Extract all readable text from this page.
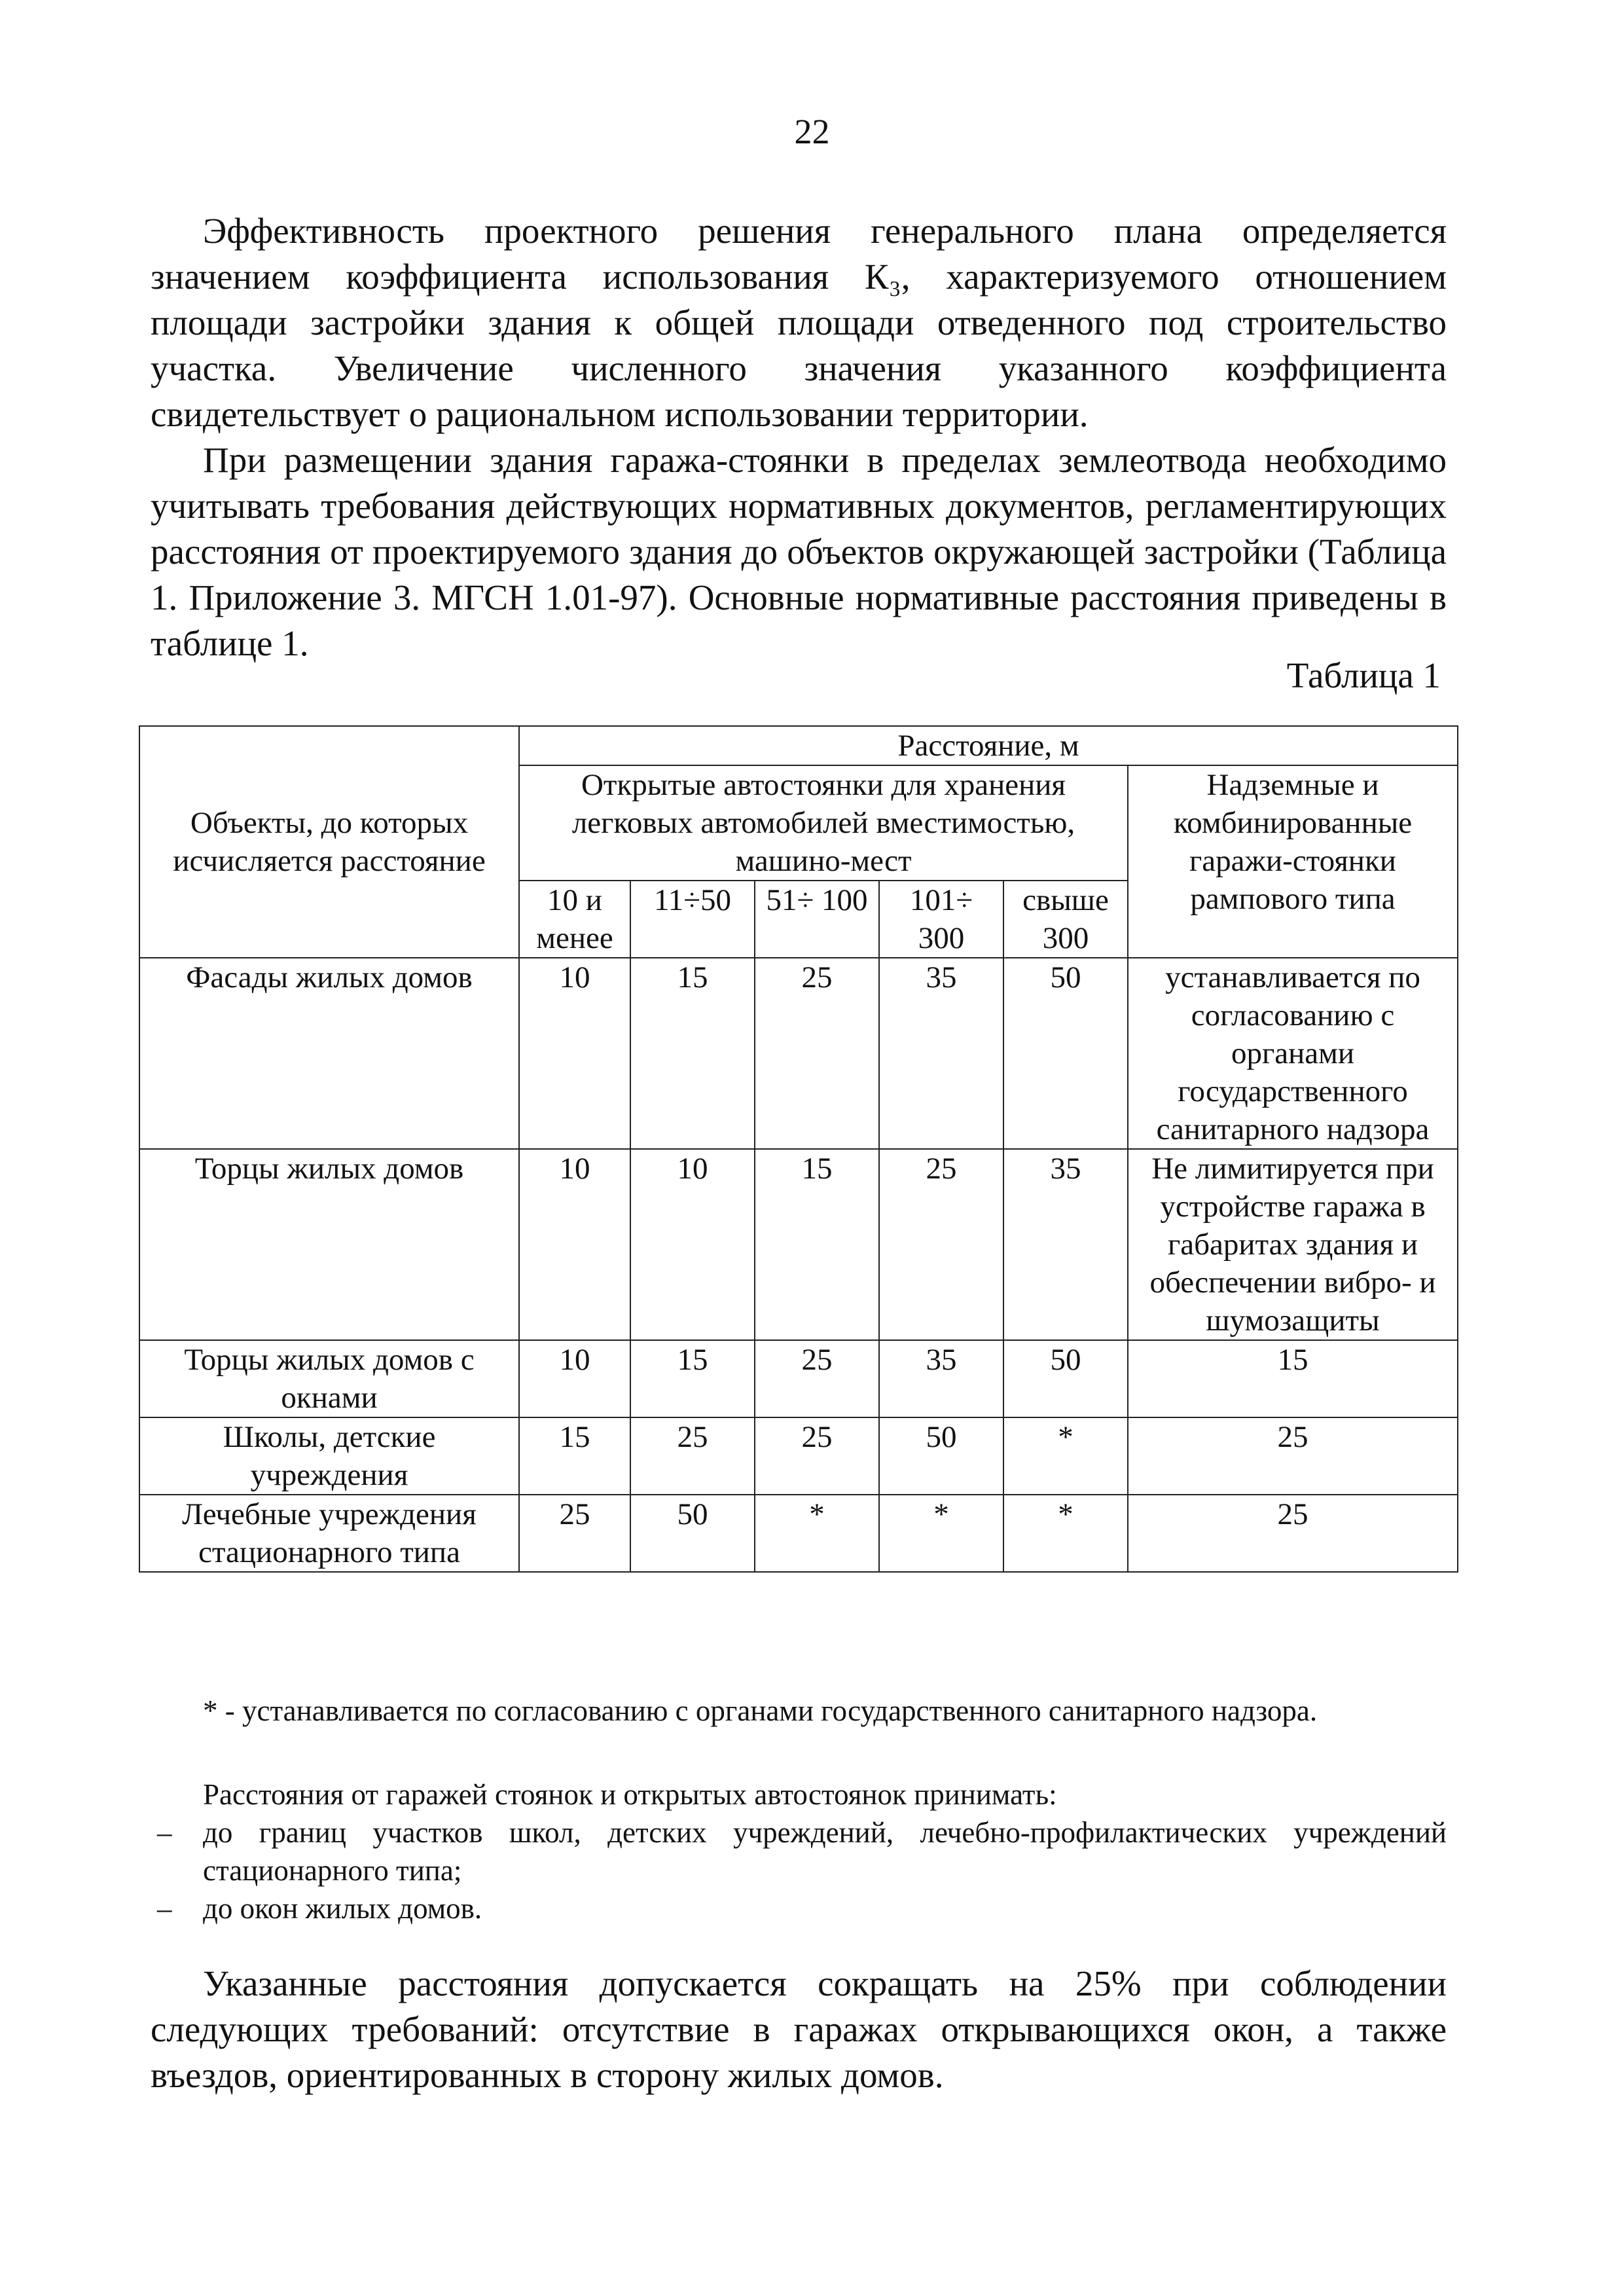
22

Эффективность проектного решения генерального плана определяется значением коэффициента использования К₃, характеризуемого отношением площади застройки здания к общей площади отведенного под строительство участка. Увеличение численного значения указанного коэффициента свидетельствует о рациональном использовании территории.

При размещении здания гаража-стоянки в пределах землеотвода необходимо учитывать требования действующих нормативных документов, регламентирующих расстояния от проектируемого здания до объектов окружающей застройки (Таблица 1. Приложение 3. МГСН 1.01-97). Основные нормативные расстояния приведены в таблице 1.

Таблица 1
Объекты, до которых исчисляется расстояние	Расстояние, м					
	Открытые автостоянки для хранения легковых автомобилей вместимостью, машино-мест					Надземные и комбинированные гаражи-стоянки рампового типа
	10 и менее	11÷50	51÷ 100	101÷ 300	свыше 300	
Фасады жилых домов	10	15	25	35	50	устанавливается по согласованию с органами государственного санитарного надзора
Торцы жилых домов	10	10	15	25	35	Не лимитируется при устройстве гаража в габаритах здания и обеспечении вибро- и шумозащиты
Торцы жилых домов с окнами	10	15	25	35	50	15
Школы, детские учреждения	15	25	25	50	*	25
Лечебные учреждения стационарного типа	25	50	*	*	*	25

* - устанавливается по согласованию с органами государственного санитарного надзора.

Расстояния от гаражей стоянок и открытых автостоянок принимать:

– до границ участков школ, детских учреждений, лечебно-профилактических учреждений стационарного типа;

– до окон жилых домов.

Указанные расстояния допускается сокращать на 25% при соблюдении следующих требований: отсутствие в гаражах открывающихся окон, а также въездов, ориентированных в сторону жилых домов.
